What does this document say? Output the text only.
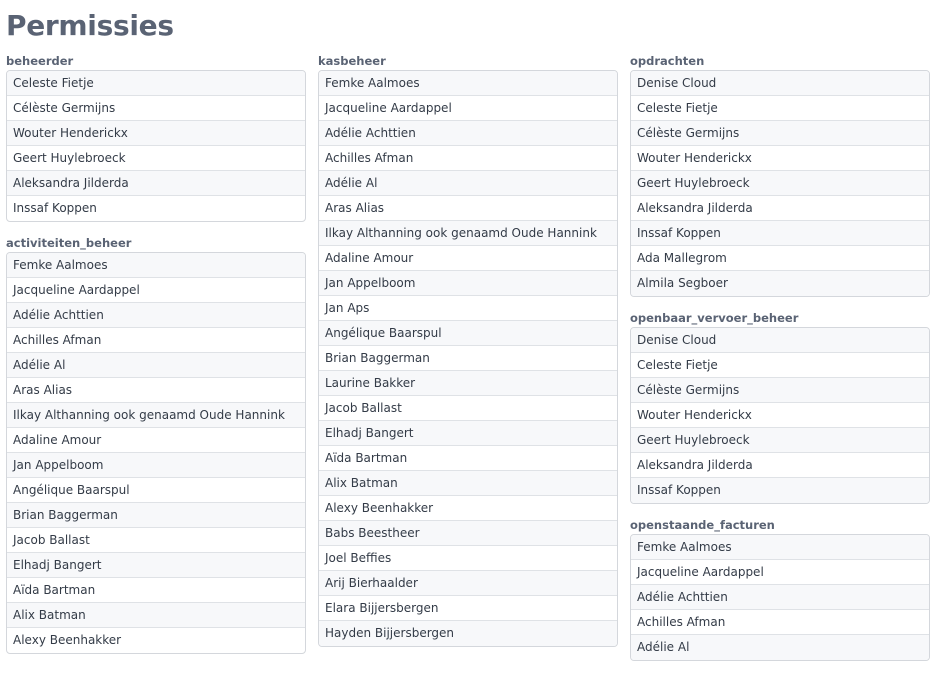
Permissies
beheerder
Celeste Fietje
Célèste Germijns
Wouter Henderickx
Geert Huylebroeck
Aleksandra Jilderda
Inssaf Koppen
activiteiten_beheer
Femke Aalmoes
Jacqueline Aardappel
Adélie Achttien
Achilles Afman
Adélie Al
Aras Alias
Ilkay Althanning ook genaamd Oude Hannink
Adaline Amour
Jan Appelboom
Angélique Baarspul
Brian Baggerman
Jacob Ballast
Elhadj Bangert
Aïda Bartman
Alix Batman
Alexy Beenhakker
kasbeheer
Femke Aalmoes
Jacqueline Aardappel
Adélie Achttien
Achilles Afman
Adélie Al
Aras Alias
Ilkay Althanning ook genaamd Oude Hannink
Adaline Amour
Jan Appelboom
Jan Aps
Angélique Baarspul
Brian Baggerman
Laurine Bakker
Jacob Ballast
Elhadj Bangert
Aïda Bartman
Alix Batman
Alexy Beenhakker
Babs Beestheer
Joel Beffies
Arij Bierhaalder
Elara Bijjersbergen
Hayden Bijjersbergen
opdrachten
Denise Cloud
Celeste Fietje
Célèste Germijns
Wouter Henderickx
Geert Huylebroeck
Aleksandra Jilderda
Inssaf Koppen
Ada Mallegrom
Almila Segboer
openbaar_vervoer_beheer
Denise Cloud
Celeste Fietje
Célèste Germijns
Wouter Henderickx
Geert Huylebroeck
Aleksandra Jilderda
Inssaf Koppen
openstaande_facturen
Femke Aalmoes
Jacqueline Aardappel
Adélie Achttien
Achilles Afman
Adélie Al
